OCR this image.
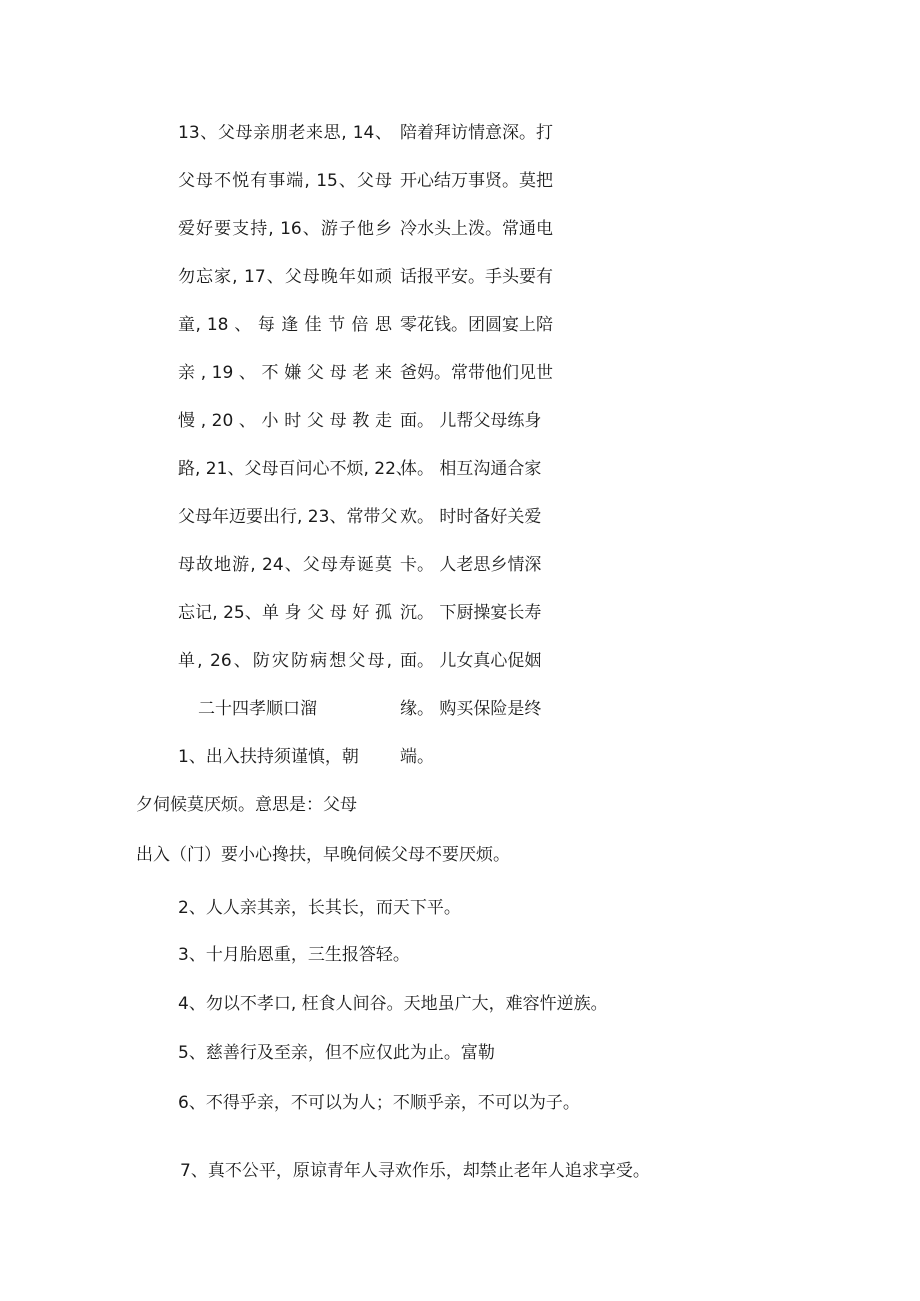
13、父母亲朋老来思, 14、
父母不悦有事端, 15、父母
爱好要支持, 16、游子他乡
勿忘家, 17、父母晚年如顽
童, 18 、 每 逢 佳 节 倍 思
亲 , 19 、 不 嫌 父 母 老 来
慢 , 20 、 小 时 父 母 教 走
路, 21、父母百问心不烦, 22、
父母年迈要出行, 23、常带父
母故地游, 24、父母寿诞莫
忘记, 25、单 身 父 母 好 孤
单, 26、防灾防病想父母,
陪着拜访情意深。打
开心结万事贤。莫把
冷水头上泼。常通电
话报平安。手头要有
零花钱。团圆宴上陪
爸妈。常带他们见世
面。 儿帮父母练身
体。 相互沟通合家
欢。 时时备好关爱
卡。 人老思乡情深
沉。 下厨操宴长寿
面。 儿女真心促姻
缘。 购买保险是终
端。
二十四孝顺口溜
1、出入扶持须谨慎，朝
夕伺候莫厌烦。意思是：父母
出入（门）要小心搀扶，早晚伺候父母不要厌烦。
2、人人亲其亲，长其长，而天下平。
3、十月胎恩重，三生报答轻。
4、勿以不孝口, 枉食人间谷。天地虽广大，难容忤逆族。
5、慈善行及至亲，但不应仅此为止。富勒
6、不得乎亲，不可以为人；不顺乎亲，不可以为子。
7、真不公平，原谅青年人寻欢作乐，却禁止老年人追求享受。
